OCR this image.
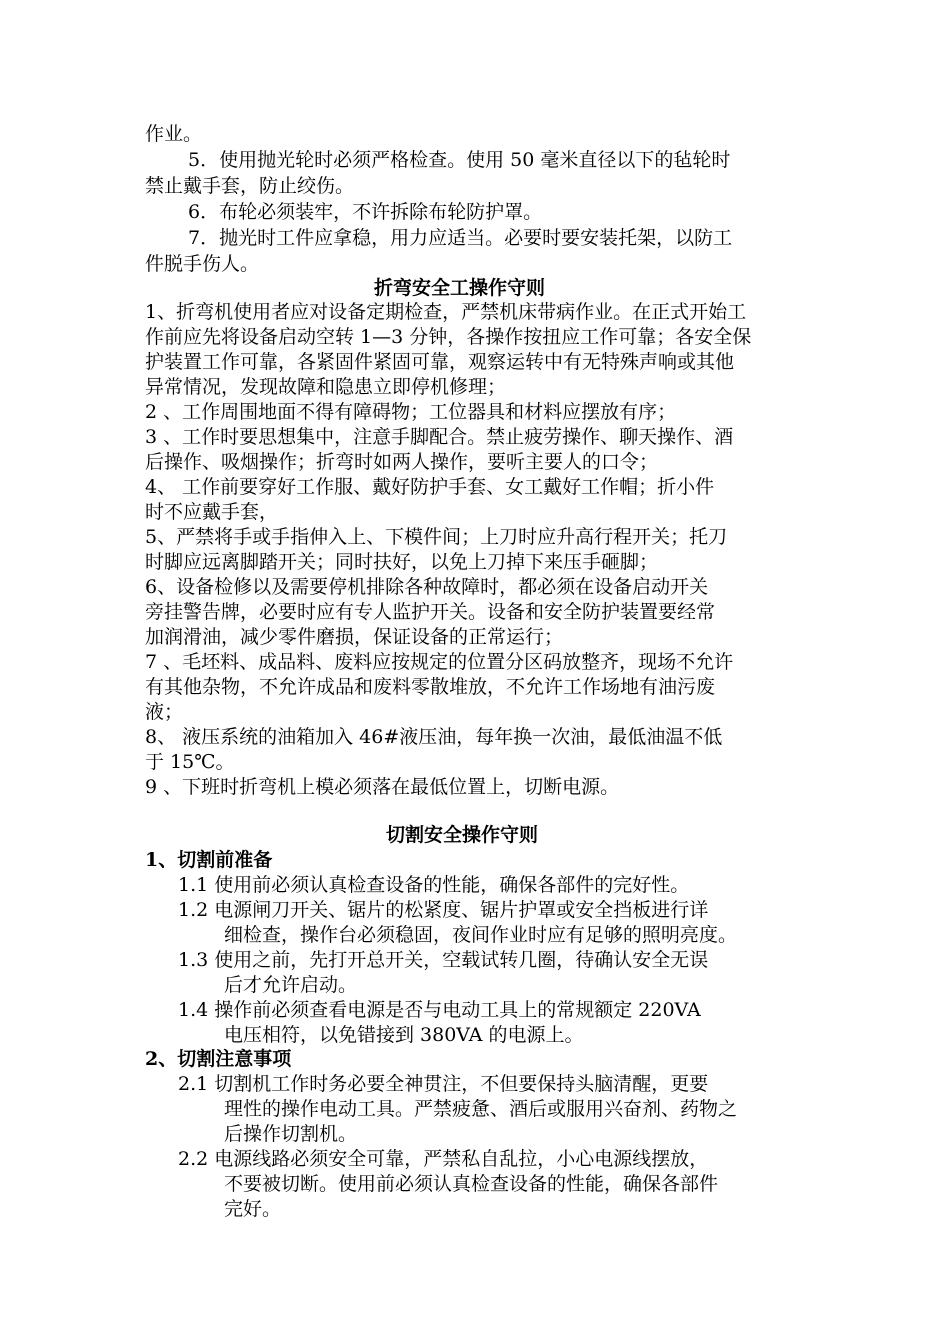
作业。
5．使用抛光轮时必须严格检查。使用 50 毫米直径以下的毡轮时
禁止戴手套，防止绞伤。
6．布轮必须装牢，不许拆除布轮防护罩。
7．抛光时工件应拿稳，用力应适当。必要时要安装托架，以防工
件脱手伤人。
折弯安全工操作守则
1、折弯机使用者应对设备定期检查，严禁机床带病作业。在正式开始工
作前应先将设备启动空转 1—3 分钟，各操作按扭应工作可靠；各安全保
护装置工作可靠，各紧固件紧固可靠，观察运转中有无特殊声响或其他
异常情况，发现故障和隐患立即停机修理；
2 、工作周围地面不得有障碍物；工位器具和材料应摆放有序；
3 、工作时要思想集中，注意手脚配合。禁止疲劳操作、聊天操作、酒
后操作、吸烟操作；折弯时如两人操作，要听主要人的口令；
4、 工作前要穿好工作服、戴好防护手套、女工戴好工作帽；折小件
时不应戴手套，
5、严禁将手或手指伸入上、下模件间；上刀时应升高行程开关；托刀
时脚应远离脚踏开关；同时扶好，以免上刀掉下来压手砸脚；
6、设备检修以及需要停机排除各种故障时，都必须在设备启动开关
旁挂警告牌，必要时应有专人监护开关。设备和安全防护装置要经常
加润滑油，减少零件磨损，保证设备的正常运行；
7 、毛坯料、成品料、废料应按规定的位置分区码放整齐，现场不允许
有其他杂物，不允许成品和废料零散堆放，不允许工作场地有油污废
液；
8、 液压系统的油箱加入 46#液压油，每年换一次油，最低油温不低
于 15℃。
9 、下班时折弯机上模必须落在最低位置上，切断电源。
切割安全操作守则
1、切割前准备
1.1 使用前必须认真检查设备的性能，确保各部件的完好性。
1.2 电源闸刀开关、锯片的松紧度、锯片护罩或安全挡板进行详
细检查，操作台必须稳固，夜间作业时应有足够的照明亮度。
1.3 使用之前，先打开总开关，空载试转几圈，待确认安全无误
后才允许启动。
1.4 操作前必须查看电源是否与电动工具上的常规额定 220VA
电压相符，以免错接到 380VA 的电源上。
2、切割注意事项
2.1 切割机工作时务必要全神贯注，不但要保持头脑清醒，更要
理性的操作电动工具。严禁疲惫、酒后或服用兴奋剂、药物之
后操作切割机。
2.2 电源线路必须安全可靠，严禁私自乱拉，小心电源线摆放，
不要被切断。使用前必须认真检查设备的性能，确保各部件
完好。
